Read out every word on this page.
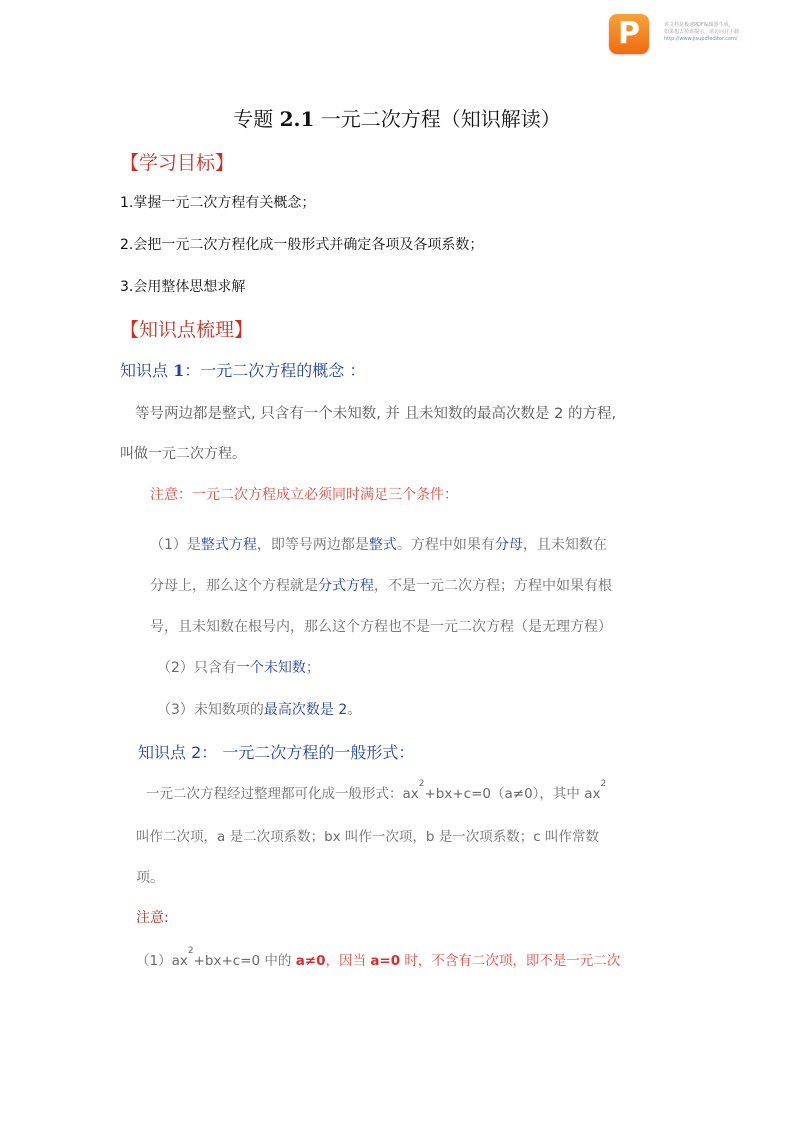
P	该文档是极速PDF编辑器生成，
如果想去掉该提示，请访问并下载：
http://www.jisupdfeditor.com/
专题 2.1 一元二次方程（知识解读）
【学习目标】
1.掌握一元二次方程有关概念；
2.会把一元二次方程化成一般形式并确定各项及各项系数；
3.会用整体思想求解
【知识点梳理】
知识点 1：一元二次方程的概念 ：
等号两边都是整式, 只含有一个未知数, 并 且未知数的最高次数是 2 的方程,
叫做一元二次方程。
注意：一元二次方程成立必须同时满足三个条件：
（1）是整式方程，即等号两边都是整式。方程中如果有分母，且未知数在
分母上，那么这个方程就是分式方程，不是一元二次方程；方程中如果有根
号，且未知数在根号内，那么这个方程也不是一元二次方程（是无理方程）
（2）只含有一个未知数；
（3）未知数项的最高次数是 2。
知识点 2： 一元二次方程的一般形式：
一元二次方程经过整理都可化成一般形式：$ax^2+bx+c=0(a\ne 0)$，其中 $ax^2$
叫作二次项，a 是二次项系数；bx 叫作一次项，b 是一次项系数；c 叫作常数
项。
注意:
$(1)ax^2+bx+c=0$ 中的 a≠0，因当 a=0 时，不含有二次项，即不是一元二次
